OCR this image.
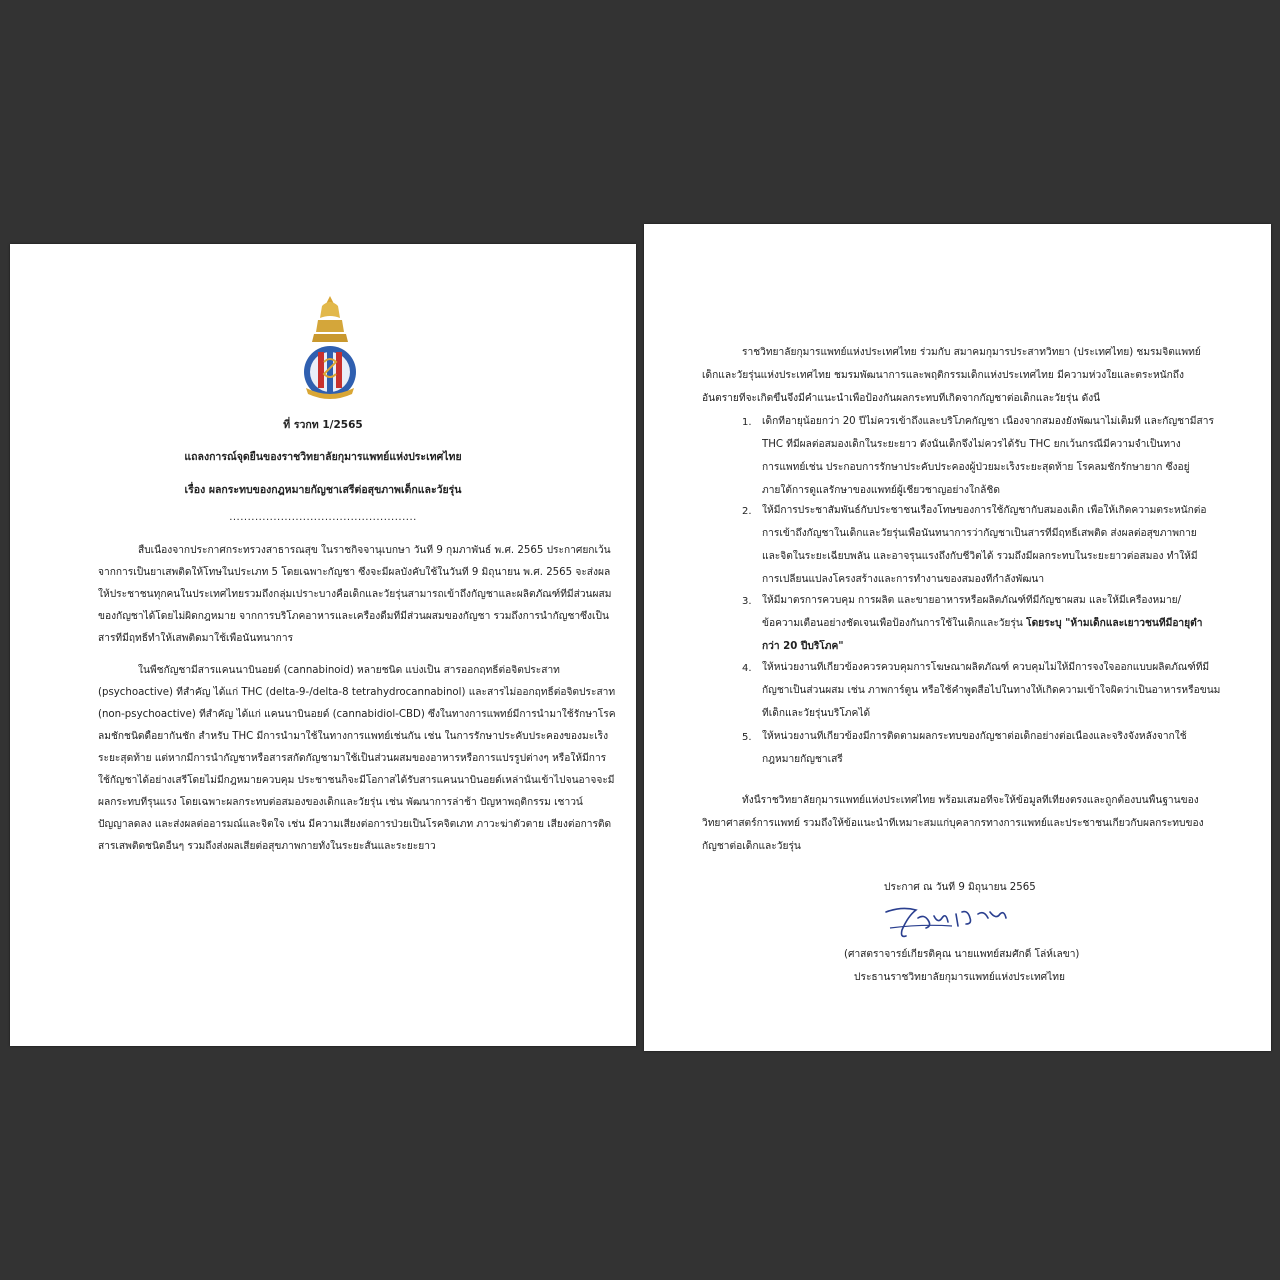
ที่ รวกท 1/2565
แถลงการณ์จุดยืนของราชวิทยาลัยกุมารแพทย์แห่งประเทศไทย
เรื่อง ผลกระทบของกฎหมายกัญชาเสรีต่อสุขภาพเด็กและวัยรุ่น
...................................................
สืบเนื่องจากประกาศกระทรวงสาธารณสุข ในราชกิจจานุเบกษา วันที่ 9 กุมภาพันธ์ พ.ศ. 2565 ประกาศยกเว้น
จากการเป็นยาเสพติดให้โทษในประเภท 5 โดยเฉพาะกัญชา ซึ่งจะมีผลบังคับใช้ในวันที่ 9 มิถุนายน พ.ศ. 2565 จะส่งผล
ให้ประชาชนทุกคนในประเทศไทยรวมถึงกลุ่มเปราะบางคือเด็กและวัยรุ่นสามารถเข้าถึงกัญชาและผลิตภัณฑ์ที่มีส่วนผสม
ของกัญชาได้โดยไม่ผิดกฎหมาย จากการบริโภคอาหารและเครื่องดื่มที่มีส่วนผสมของกัญชา รวมถึงการนำกัญชาซึ่งเป็น
สารที่มีฤทธิ์ทำให้เสพติดมาใช้เพื่อนันทนาการ
ในพืชกัญชามีสารแคนนาบินอยด์ (cannabinoid) หลายชนิด แบ่งเป็น สารออกฤทธิ์ต่อจิตประสาท
(psychoactive) ที่สำคัญ ได้แก่ THC (delta-9-/delta-8 tetrahydrocannabinol) และสารไม่ออกฤทธิ์ต่อจิตประสาท
(non-psychoactive) ที่สำคัญ ได้แก่ แคนนาบินอยด์ (cannabidiol-CBD) ซึ่งในทางการแพทย์มีการนำมาใช้รักษาโรค
ลมชักชนิดดื้อยากันชัก สำหรับ THC มีการนำมาใช้ในทางการแพทย์เช่นกัน เช่น ในการรักษาประคับประคองของมะเร็ง
ระยะสุดท้าย แต่หากมีการนำกัญชาหรือสารสกัดกัญชามาใช้เป็นส่วนผสมของอาหารหรือการแปรรูปต่างๆ หรือให้มีการ
ใช้กัญชาได้อย่างเสรีโดยไม่มีกฎหมายควบคุม ประชาชนก็จะมีโอกาสได้รับสารแคนนาบินอยด์เหล่านั้นเข้าไปจนอาจจะมี
ผลกระทบที่รุนแรง โดยเฉพาะผลกระทบต่อสมองของเด็กและวัยรุ่น เช่น พัฒนาการล่าช้า ปัญหาพฤติกรรม เชาวน์
ปัญญาลดลง และส่งผลต่ออารมณ์และจิตใจ เช่น มีความเสี่ยงต่อการป่วยเป็นโรคจิตเภท ภาวะฆ่าตัวตาย เสี่ยงต่อการติด
สารเสพติดชนิดอื่นๆ รวมถึงส่งผลเสียต่อสุขภาพกายทั้งในระยะสั้นและระยะยาว
ราชวิทยาลัยกุมารแพทย์แห่งประเทศไทย ร่วมกับ สมาคมกุมารประสาทวิทยา (ประเทศไทย) ชมรมจิตแพทย์
เด็กและวัยรุ่นแห่งประเทศไทย ชมรมพัฒนาการและพฤติกรรมเด็กแห่งประเทศไทย มีความห่วงใยและตระหนักถึง
อันตรายที่จะเกิดขึ้นจึงมีคำแนะนำเพื่อป้องกันผลกระทบที่เกิดจากกัญชาต่อเด็กและวัยรุ่น ดังนี้
1. เด็กที่อายุน้อยกว่า 20 ปีไม่ควรเข้าถึงและบริโภคกัญชา เนื่องจากสมองยังพัฒนาไม่เต็มที่ และกัญชามีสาร
THC ที่มีผลต่อสมองเด็กในระยะยาว ดังนั้นเด็กจึงไม่ควรได้รับ THC ยกเว้นกรณีมีความจำเป็นทาง
การแพทย์เช่น ประกอบการรักษาประคับประคองผู้ป่วยมะเร็งระยะสุดท้าย โรคลมชักรักษายาก ซึ่งอยู่
ภายใต้การดูแลรักษาของแพทย์ผู้เชี่ยวชาญอย่างใกล้ชิด
2. ให้มีการประชาสัมพันธ์กับประชาชนเรื่องโทษของการใช้กัญชากับสมองเด็ก เพื่อให้เกิดความตระหนักต่อ
การเข้าถึงกัญชาในเด็กและวัยรุ่นเพื่อนันทนาการว่ากัญชาเป็นสารที่มีฤทธิ์เสพติด ส่งผลต่อสุขภาพกาย
และจิตในระยะเฉียบพลัน และอาจรุนแรงถึงกับชีวิตได้ รวมถึงมีผลกระทบในระยะยาวต่อสมอง ทำให้มี
การเปลี่ยนแปลงโครงสร้างและการทำงานของสมองที่กำลังพัฒนา
3. ให้มีมาตรการควบคุม การผลิต และขายอาหารหรือผลิตภัณฑ์ที่มีกัญชาผสม และให้มีเครื่องหมาย/
ข้อความเตือนอย่างชัดเจนเพื่อป้องกันการใช้ในเด็กและวัยรุ่น โดยระบุ "ห้ามเด็กและเยาวชนที่มีอายุต่ำ
กว่า 20 ปีบริโภค"
4. ให้หน่วยงานที่เกี่ยวข้องควรควบคุมการโฆษณาผลิตภัณฑ์ ควบคุมไม่ให้มีการจงใจออกแบบผลิตภัณฑ์ที่มี
กัญชาเป็นส่วนผสม เช่น ภาพการ์ตูน หรือใช้คำพูดสื่อไปในทางให้เกิดความเข้าใจผิดว่าเป็นอาหารหรือขนม
ที่เด็กและวัยรุ่นบริโภคได้
5. ให้หน่วยงานที่เกี่ยวข้องมีการติดตามผลกระทบของกัญชาต่อเด็กอย่างต่อเนื่องและจริงจังหลังจากใช้
กฎหมายกัญชาเสรี
ทั้งนี้ราชวิทยาลัยกุมารแพทย์แห่งประเทศไทย พร้อมเสมอที่จะให้ข้อมูลที่เที่ยงตรงและถูกต้องบนพื้นฐานของ
วิทยาศาสตร์การแพทย์ รวมถึงให้ข้อแนะนำที่เหมาะสมแก่บุคลากรทางการแพทย์และประชาชนเกี่ยวกับผลกระทบของ
กัญชาต่อเด็กและวัยรุ่น
ประกาศ ณ วันที่ 9 มิถุนายน 2565
(ศาสตราจารย์เกียรติคุณ นายแพทย์สมศักดิ์ โล่ห์เลขา)
ประธานราชวิทยาลัยกุมารแพทย์แห่งประเทศไทย
